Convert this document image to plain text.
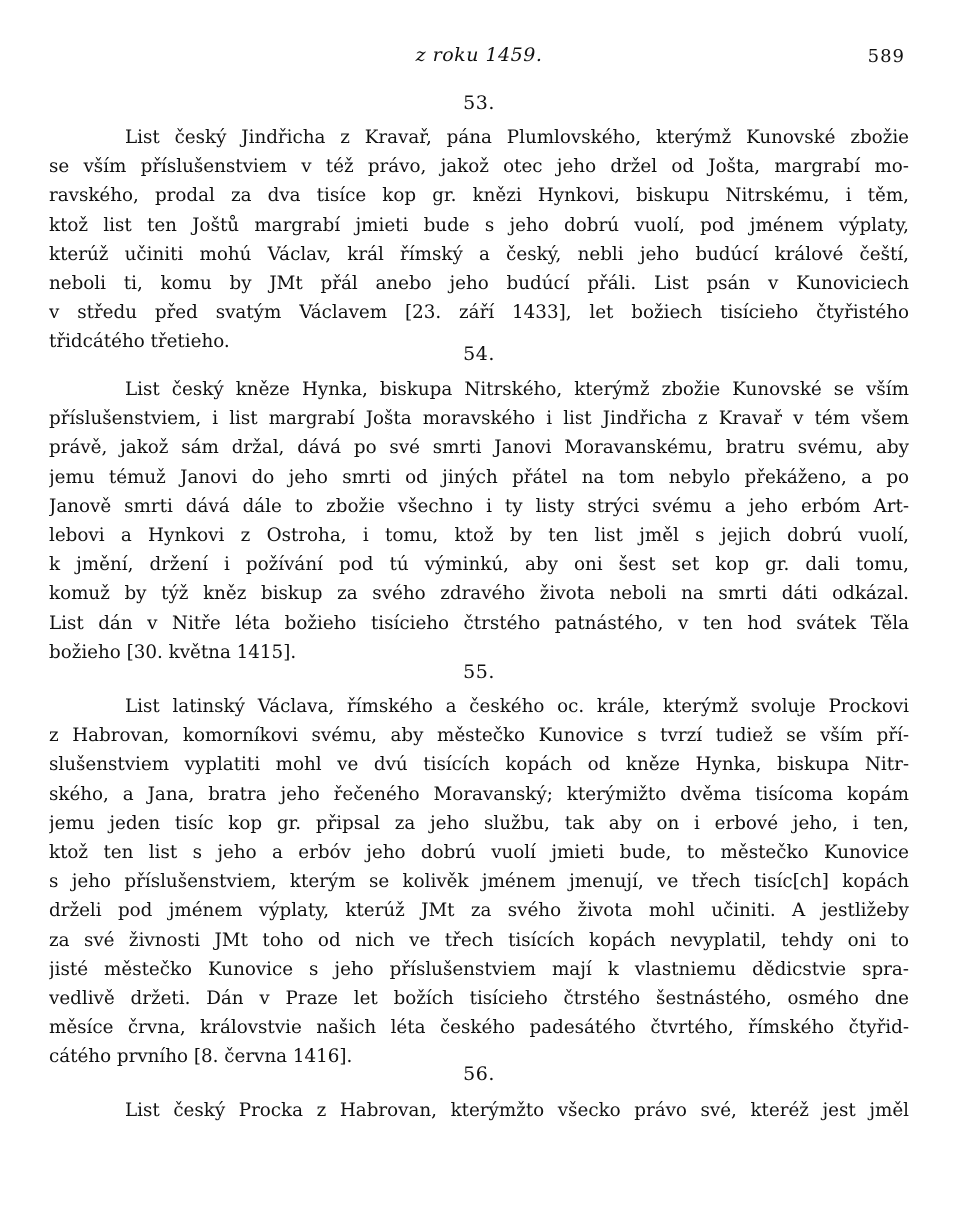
z roku 1459.	589
53.
List český Jindřicha z Kravař, pána Plumlovského, kterýmž Kunovské zbožie
se vším příslušenstviem v též právo, jakož otec jeho držel od Jošta, margrabí mo-
ravského, prodal za dva tisíce kop gr. knězi Hynkovi, biskupu Nitrskému, i těm,
ktož list ten Joštů margrabí jmieti bude s jeho dobrú vuolí, pod jménem výplaty,
kterúž učiniti mohú Václav, král římský a český, nebli jeho budúcí králové čeští,
neboli ti, komu by JMt přál anebo jeho budúcí přáli. List psán v Kunoviciech
v středu před svatým Václavem [23. září 1433], let božiech tisícieho čtyřistého
třidcátého třetieho.
54.
List český kněze Hynka, biskupa Nitrského, kterýmž zbožie Kunovské se vším
příslušenstviem, i list margrabí Jošta moravského i list Jindřicha z Kravař v tém všem
právě, jakož sám držal, dává po své smrti Janovi Moravanskému, bratru svému, aby
jemu témuž Janovi do jeho smrti od jiných přátel na tom nebylo překáženo, a po
Janově smrti dává dále to zbožie všechno i ty listy strýci svému a jeho erbóm Art-
lebovi a Hynkovi z Ostroha, i tomu, ktož by ten list jměl s jejich dobrú vuolí,
k jmění, držení i požívání pod tú výminkú, aby oni šest set kop gr. dali tomu,
komuž by týž kněz biskup za svého zdravého života neboli na smrti dáti odkázal.
List dán v Nitře léta božieho tisícieho čtrstého patnástého, v ten hod svátek Těla
božieho [30. května 1415].
55.
List latinský Václava, římského a českého oc. krále, kterýmž svoluje Prockovi
z Habrovan, komorníkovi svému, aby městečko Kunovice s tvrzí tudiež se vším pří-
slušenstviem vyplatiti mohl ve dvú tisících kopách od kněze Hynka, biskupa Nitr-
ského, a Jana, bratra jeho řečeného Moravanský; kterýmižto dvěma tisícoma kopám
jemu jeden tisíc kop gr. připsal za jeho službu, tak aby on i erbové jeho, i ten,
ktož ten list s jeho a erbóv jeho dobrú vuolí jmieti bude, to městečko Kunovice
s jeho příslušenstviem, kterým se kolivěk jménem jmenují, ve třech tisíc[ch] kopách
drželi pod jménem výplaty, kterúž JMt za svého života mohl učiniti. A jestližeby
za své živnosti JMt toho od nich ve třech tisících kopách nevyplatil, tehdy oni to
jisté městečko Kunovice s jeho příslušenstviem mají k vlastniemu dědicstvie spra-
vedlivě držeti. Dán v Praze let božích tisícieho čtrstého šestnástého, osmého dne
měsíce črvna, královstvie našich léta českého padesátého čtvrtého, římského čtyřid-
cátého prvního [8. června 1416].
56.
List český Procka z Habrovan, kterýmžto všecko právo své, kteréž jest jměl
